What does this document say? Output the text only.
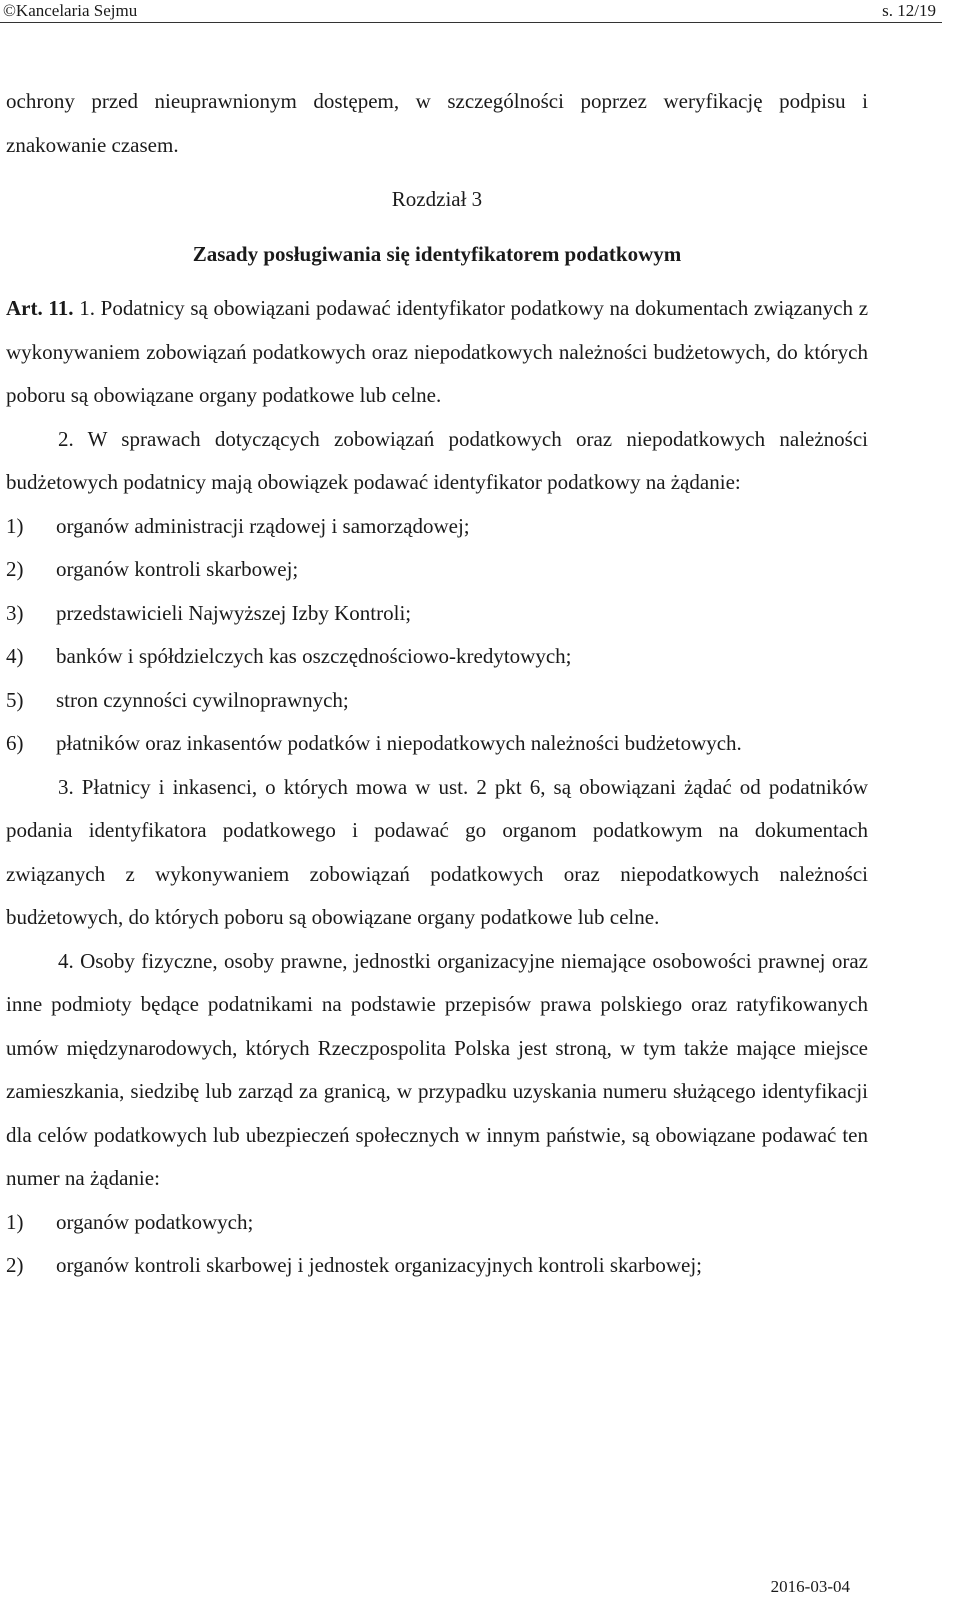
©Kancelaria Sejmu	s. 12/19

ochrony przed nieuprawnionym dostępem, w szczególności poprzez weryfikację podpisu i znakowanie czasem.

Rozdział 3

Zasady posługiwania się identyfikatorem podatkowym

Art. 11. 1. Podatnicy są obowiązani podawać identyfikator podatkowy na dokumentach związanych z wykonywaniem zobowiązań podatkowych oraz niepodatkowych należności budżetowych, do których poboru są obowiązane organy podatkowe lub celne.

2. W sprawach dotyczących zobowiązań podatkowych oraz niepodatkowych należności budżetowych podatnicy mają obowiązek podawać identyfikator podatkowy na żądanie:

1)	organów administracji rządowej i samorządowej;
2)	organów kontroli skarbowej;
3)	przedstawicieli Najwyższej Izby Kontroli;
4)	banków i spółdzielczych kas oszczędnościowo-kredytowych;
5)	stron czynności cywilnoprawnych;
6)	płatników oraz inkasentów podatków i niepodatkowych należności budżetowych.

3. Płatnicy i inkasenci, o których mowa w ust. 2 pkt 6, są obowiązani żądać od podatników podania identyfikatora podatkowego i podawać go organom podatkowym na dokumentach związanych z wykonywaniem zobowiązań podatkowych oraz niepodatkowych należności budżetowych, do których poboru są obowiązane organy podatkowe lub celne.

4. Osoby fizyczne, osoby prawne, jednostki organizacyjne niemające osobowości prawnej oraz inne podmioty będące podatnikami na podstawie przepisów prawa polskiego oraz ratyfikowanych umów międzynarodowych, których Rzeczpospolita Polska jest stroną, w tym także mające miejsce zamieszkania, siedzibę lub zarząd za granicą, w przypadku uzyskania numeru służącego identyfikacji dla celów podatkowych lub ubezpieczeń społecznych w innym państwie, są obowiązane podawać ten numer na żądanie:

1)	organów podatkowych;
2)	organów kontroli skarbowej i jednostek organizacyjnych kontroli skarbowej;
2016-03-04
